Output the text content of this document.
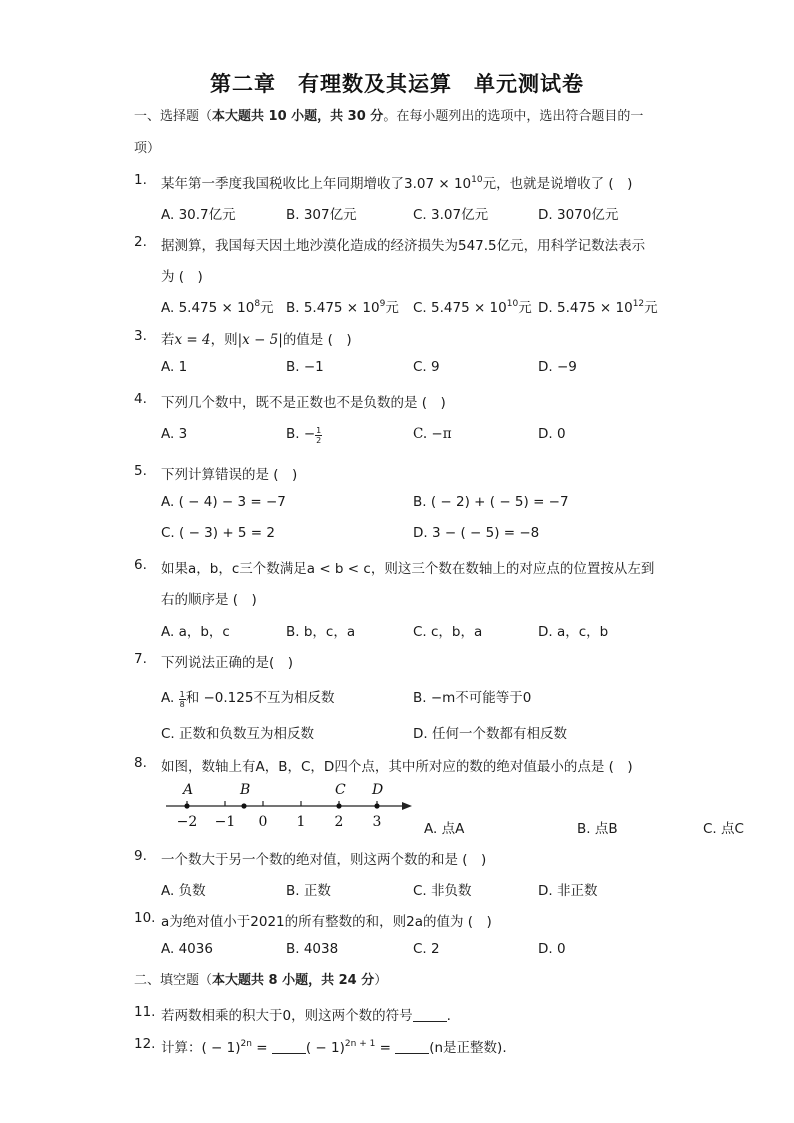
第二章　有理数及其运算　单元测试卷
一、选择题（本大题共 10 小题，共 30 分。在每小题列出的选项中，选出符合题目的一
项）
1. 某年第一季度我国税收比上年同期增收了$3.07 \times 10^{10}$元，也就是说增收了 (　)
A. 30.7亿元	B. 307亿元	C. 3.07亿元	D. 3070亿元
2. 据测算，我国每天因土地沙漠化造成的经济损失为547.5亿元，用科学记数法表示
为 (　)
A. $5.475 \times 10^8$元 B. $5.475 \times 10^9$元 C. $5.475 \times 10^{10}$元 D. $5.475 \times 10^{12}$元
3. 若x = 4，则|x − 5|的值是 (　)
A. 1	B. −1	C. 9	D. −9
4. 下列几个数中，既不是正数也不是负数的是 (　)
A. 3	B. − $\frac{1}{2}$	C. −π	D. 0
5. 下列计算错误的是 (　)
A. ( − 4) − 3 = −7	B. ( − 2) + ( − 5) = −7
C. ( − 3) + 5 = 2	D. 3 − ( − 5) = −8
6. 如果a，b，c三个数满足a < b < c，则这三个数在数轴上的对应点的位置按从左到
右的顺序是 (　)
A. a，b，c	B. b，c，a	C. c，b，a	D. a，c，b
7. 下列说法正确的是(　)
A. $\frac{1}{8}$ 和 −0.125不互为相反数	B. −m不可能等于0
C. 正数和负数互为相反数	D. 任何一个数都有相反数
8. 如图，数轴上有A，B，C，D四个点，其中所对应的数的绝对值最小的点是 (　)
A	B	C D
−2 −1 0 1 2 3	A. 点A	B. 点B	C. 点C
9. 一个数大于另一个数的绝对值，则这两个数的和是 (　)
A. 负数	B. 正数	C. 非负数	D. 非正数
10. a为绝对值小于2021的所有整数的和，则2a的值为 (　)
A. 4036	B. 4038	C. 2	D. 0
二、填空题（本大题共 8 小题，共 24 分）
11. 若两数相乘的积大于0，则这两个数的符号	.
12. 计算：( − 1)$^{2n}$ =	( − 1)$^{2n + 1}$ =	(n是正整数).
